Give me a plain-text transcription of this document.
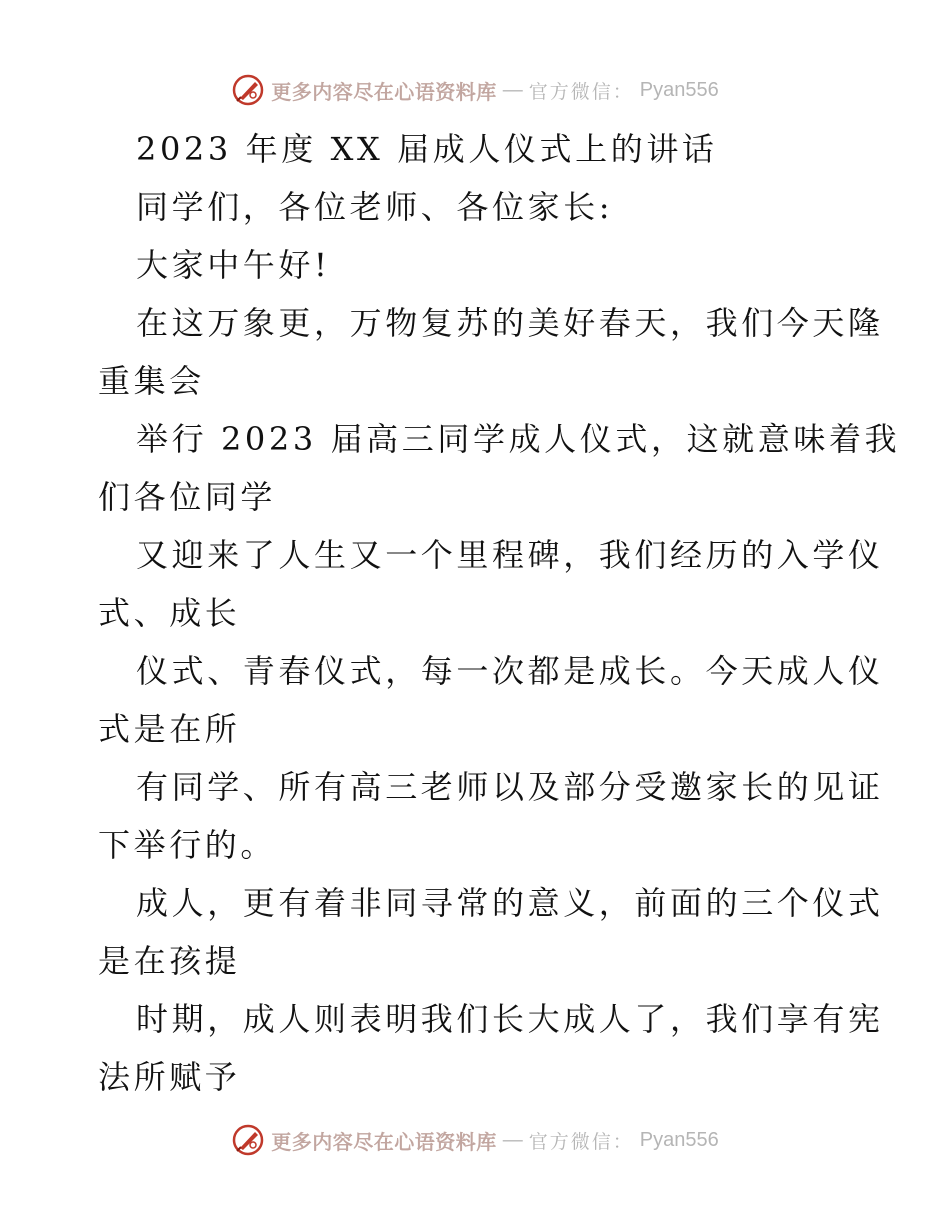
更多内容尽在心语资料库 — 官方微信： Pyan556
2023 年度 XX 届成人仪式上的讲话
同学们，各位老师、各位家长:
大家中午好!
在这万象更，万物复苏的美好春天，我们今天隆
重集会
举行 2023 届高三同学成人仪式，这就意味着我
们各位同学
又迎来了人生又一个里程碑，我们经历的入学仪
式、成长
仪式、青春仪式，每一次都是成长。今天成人仪
式是在所
有同学、所有高三老师以及部分受邀家长的见证
下举行的。
成人，更有着非同寻常的意义，前面的三个仪式
是在孩提
时期，成人则表明我们长大成人了，我们享有宪
法所赋予
更多内容尽在心语资料库 — 官方微信： Pyan556
